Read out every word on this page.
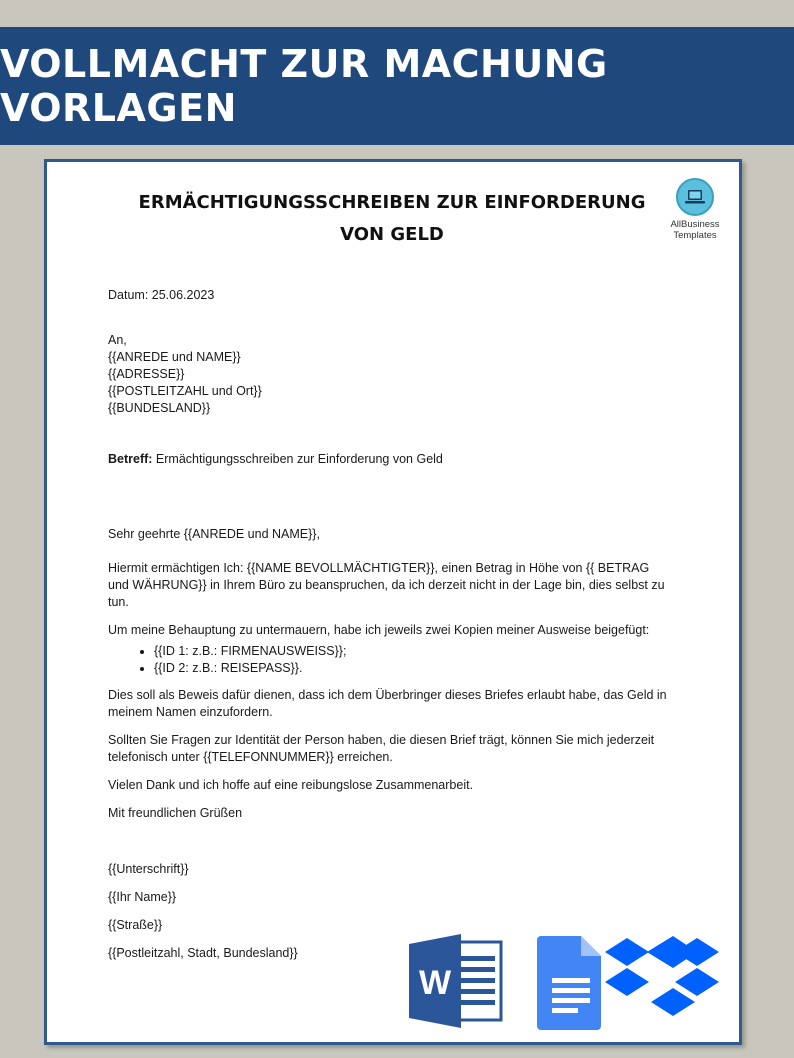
VOLLMACHT ZUR MACHUNG VORLAGEN
ERMÄCHTIGUNGSSCHREIBEN ZUR EINFORDERUNG VON GELD	AllBusiness
Templates

Datum: 25.06.2023

An,

{{ANREDE und NAME}}

{{ADRESSE}}

{{POSTLEITZAHL und Ort}}

{{BUNDESLAND}}

Betreff: Ermächtigungsschreiben zur Einforderung von Geld

Sehr geehrte {{ANREDE und NAME}},

Hiermit ermächtigen Ich: {{NAME BEVOLLMÄCHTIGTER}}, einen Betrag in Höhe von {{ BETRAG und WÄHRUNG}} in Ihrem Büro zu beanspruchen, da ich derzeit nicht in der Lage bin, dies selbst zu tun.

Um meine Behauptung zu untermauern, habe ich jeweils zwei Kopien meiner Ausweise beigefügt:

• {{ID 1: z.B.: FIRMENAUSWEISS}};
• {{ID 2: z.B.: REISEPASS}}.

Dies soll als Beweis dafür dienen, dass ich dem Überbringer dieses Briefes erlaubt habe, das Geld in meinem Namen einzufordern.

Sollten Sie Fragen zur Identität der Person haben, die diesen Brief trägt, können Sie mich jederzeit telefonisch unter {{TELEFONNUMMER}} erreichen.

Vielen Dank und ich hoffe auf eine reibungslose Zusammenarbeit.

Mit freundlichen Grüßen

{{Unterschrift}}

{{Ihr Name}}

{{Straße}}

{{Postleitzahl, Stadt, Bundesland}}

W
